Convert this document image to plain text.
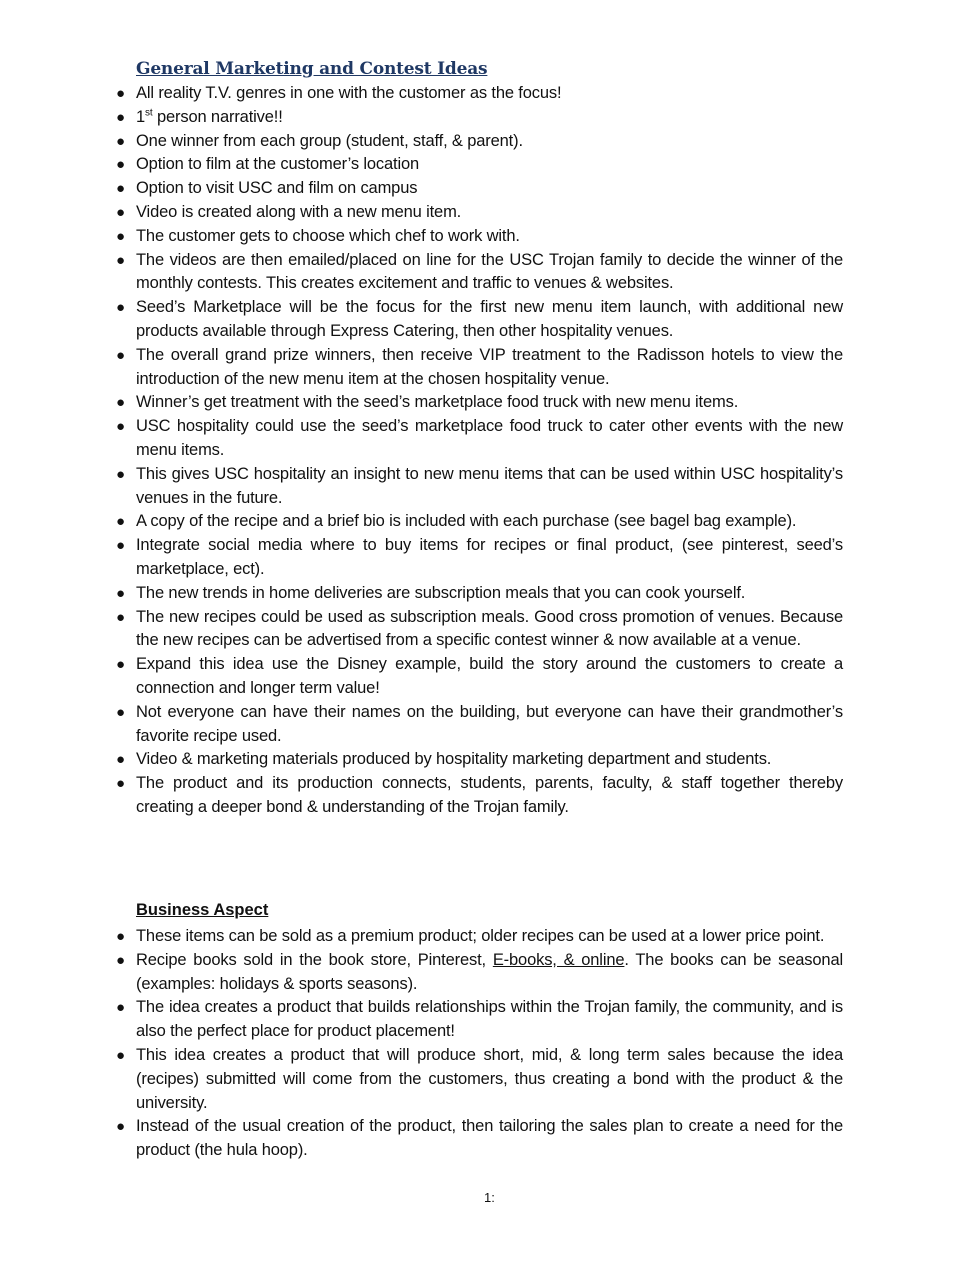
General Marketing and Contest Ideas
● All reality T.V. genres in one with the customer as the focus!
● 1st person narrative!!
● One winner from each group (student, staff, & parent).
● Option to film at the customer’s location
● Option to visit USC and film on campus
● Video is created along with a new menu item.
● The customer gets to choose which chef to work with.
● The videos are then emailed/placed on line for the USC Trojan family to decide the winner of the monthly contests. This creates excitement and traffic to venues & websites.
● Seed’s Marketplace will be the focus for the first new menu item launch, with additional new products available through Express Catering, then other hospitality venues.
● The overall grand prize winners, then receive VIP treatment to the Radisson hotels to view the introduction of the new menu item at the chosen hospitality venue.
● Winner’s get treatment with the seed’s marketplace food truck with new menu items.
● USC hospitality could use the seed’s marketplace food truck to cater other events with the new menu items.
● This gives USC hospitality an insight to new menu items that can be used within USC hospitality’s venues in the future.
● A copy of the recipe and a brief bio is included with each purchase (see bagel bag example).
● Integrate social media where to buy items for recipes or final product, (see pinterest, seed’s marketplace, ect).
● The new trends in home deliveries are subscription meals that you can cook yourself.
● The new recipes could be used as subscription meals. Good cross promotion of venues. Because the new recipes can be advertised from a specific contest winner & now available at a venue.
● Expand this idea use the Disney example, build the story around the customers to create a connection and longer term value!
● Not everyone can have their names on the building, but everyone can have their grandmother’s favorite recipe used.
● Video & marketing materials produced by hospitality marketing department and students.
● The product and its production connects, students, parents, faculty, & staff together thereby creating a deeper bond & understanding of the Trojan family.
Business Aspect
● These items can be sold as a premium product; older recipes can be used at a lower price point.
● Recipe books sold in the book store, Pinterest, E-books, & online. The books can be seasonal (examples: holidays & sports seasons).
● The idea creates a product that builds relationships within the Trojan family, the community, and is also the perfect place for product placement!
● This idea creates a product that will produce short, mid, & long term sales because the idea (recipes) submitted will come from the customers, thus creating a bond with the product & the university.
● Instead of the usual creation of the product, then tailoring the sales plan to create a need for the product (the hula hoop).
1:
